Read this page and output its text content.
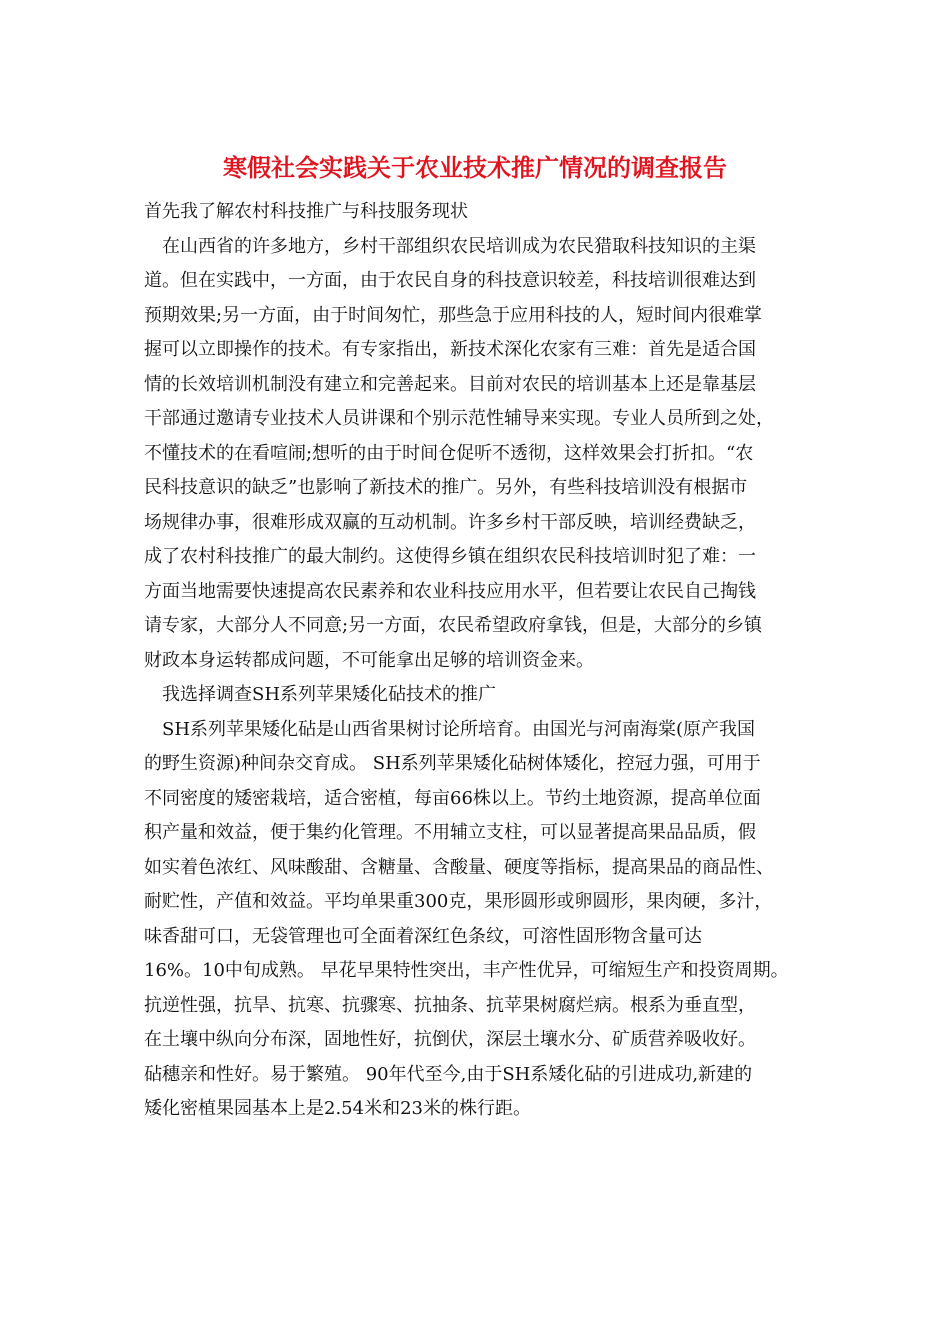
寒假社会实践关于农业技术推广情况的调查报告
首先我了解农村科技推广与科技服务现状
　在山西省的许多地方，乡村干部组织农民培训成为农民猎取科技知识的主渠
道。但在实践中，一方面，由于农民自身的科技意识较差，科技培训很难达到
预期效果;另一方面，由于时间匆忙，那些急于应用科技的人，短时间内很难掌
握可以立即操作的技术。有专家指出，新技术深化农家有三难：首先是适合国
情的长效培训机制没有建立和完善起来。目前对农民的培训基本上还是靠基层
干部通过邀请专业技术人员讲课和个别示范性辅导来实现。专业人员所到之处，
不懂技术的在看喧闹;想听的由于时间仓促听不透彻，这样效果会打折扣。“农
民科技意识的缺乏”也影响了新技术的推广。另外，有些科技培训没有根据市
场规律办事，很难形成双赢的互动机制。许多乡村干部反映，培训经费缺乏，
成了农村科技推广的最大制约。这使得乡镇在组织农民科技培训时犯了难：一
方面当地需要快速提高农民素养和农业科技应用水平，但若要让农民自己掏钱
请专家，大部分人不同意;另一方面，农民希望政府拿钱，但是，大部分的乡镇
财政本身运转都成问题，不可能拿出足够的培训资金来。
　我选择调查SH系列苹果矮化砧技术的推广
　SH系列苹果矮化砧是山西省果树讨论所培育。由国光与河南海棠(原产我国
的野生资源)种间杂交育成。 SH系列苹果矮化砧树体矮化，控冠力强，可用于
不同密度的矮密栽培，适合密植，每亩66株以上。节约土地资源，提高单位面
积产量和效益，便于集约化管理。不用辅立支柱，可以显著提高果品品质，假
如实着色浓红、风味酸甜、含糖量、含酸量、硬度等指标，提高果品的商品性、
耐贮性，产值和效益。平均单果重300克，果形圆形或卵圆形，果肉硬，多汁，
味香甜可口，无袋管理也可全面着深红色条纹，可溶性固形物含量可达
16%。10中旬成熟。 早花早果特性突出，丰产性优异，可缩短生产和投资周期。
抗逆性强，抗旱、抗寒、抗骤寒、抗抽条、抗苹果树腐烂病。根系为垂直型，
在土壤中纵向分布深，固地性好，抗倒伏，深层土壤水分、矿质营养吸收好。
砧穗亲和性好。易于繁殖。 90年代至今,由于SH系矮化砧的引进成功,新建的
矮化密植果园基本上是2.54米和23米的株行距。
